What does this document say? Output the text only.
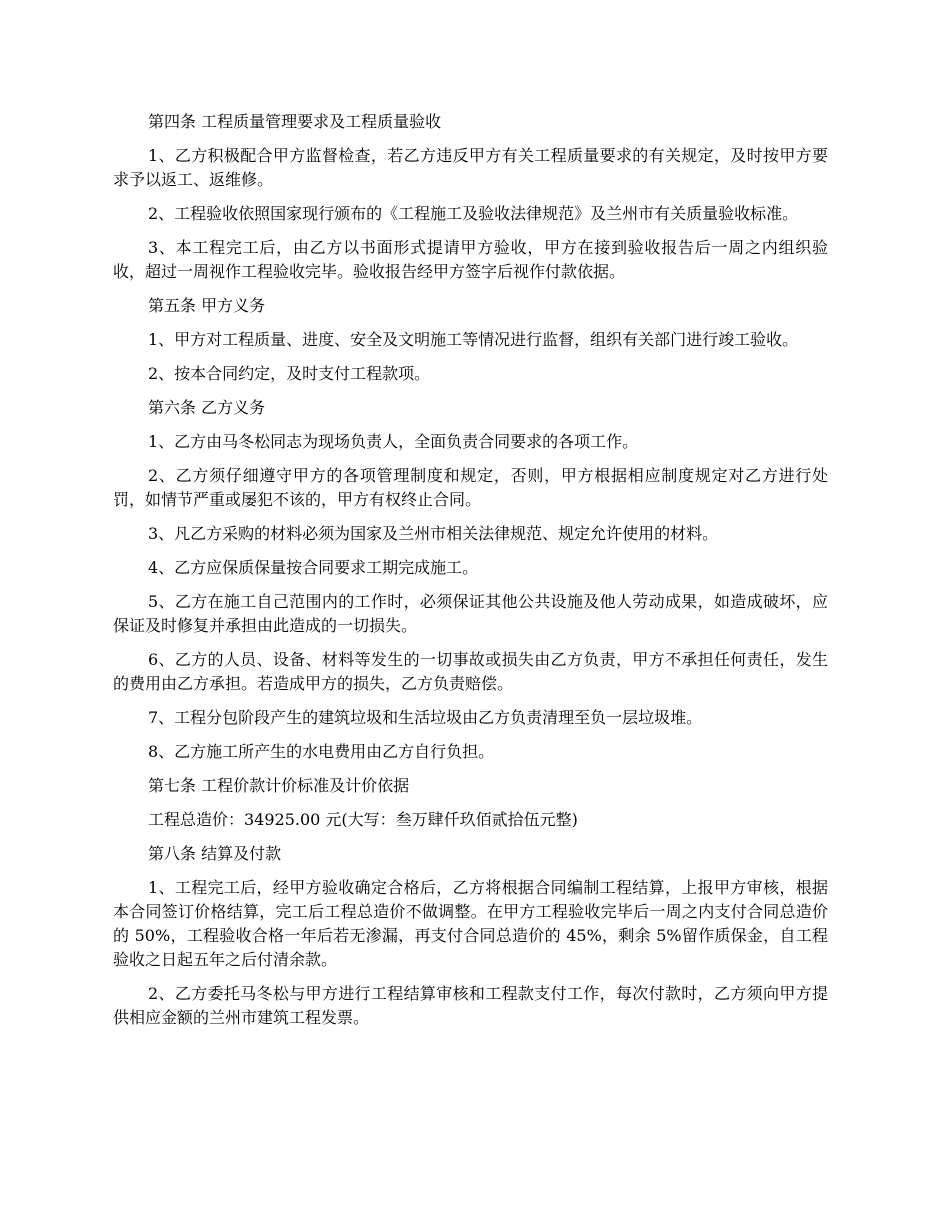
第四条 工程质量管理要求及工程质量验收

1、乙方积极配合甲方监督检查，若乙方违反甲方有关工程质量要求的有关规定，及时按甲方要求予以返工、返维修。

2、工程验收依照国家现行颁布的《工程施工及验收法律规范》及兰州市有关质量验收标准。

3、本工程完工后，由乙方以书面形式提请甲方验收，甲方在接到验收报告后一周之内组织验收，超过一周视作工程验收完毕。验收报告经甲方签字后视作付款依据。

第五条 甲方义务

1、甲方对工程质量、进度、安全及文明施工等情况进行监督，组织有关部门进行竣工验收。

2、按本合同约定，及时支付工程款项。

第六条 乙方义务

1、乙方由马冬松同志为现场负责人，全面负责合同要求的各项工作。

2、乙方须仔细遵守甲方的各项管理制度和规定，否则，甲方根据相应制度规定对乙方进行处罚，如情节严重或屡犯不该的，甲方有权终止合同。

3、凡乙方采购的材料必须为国家及兰州市相关法律规范、规定允许使用的材料。

4、乙方应保质保量按合同要求工期完成施工。

5、乙方在施工自己范围内的工作时，必须保证其他公共设施及他人劳动成果，如造成破坏，应保证及时修复并承担由此造成的一切损失。

6、乙方的人员、设备、材料等发生的一切事故或损失由乙方负责，甲方不承担任何责任，发生的费用由乙方承担。若造成甲方的损失，乙方负责赔偿。

7、工程分包阶段产生的建筑垃圾和生活垃圾由乙方负责清理至负一层垃圾堆。

8、乙方施工所产生的水电费用由乙方自行负担。

第七条 工程价款计价标准及计价依据

工程总造价：34925.00 元(大写：叁万肆仟玖佰贰拾伍元整)

第八条 结算及付款

1、工程完工后，经甲方验收确定合格后，乙方将根据合同编制工程结算，上报甲方审核，根据本合同签订价格结算，完工后工程总造价不做调整。在甲方工程验收完毕后一周之内支付合同总造价的 50%，工程验收合格一年后若无渗漏，再支付合同总造价的 45%，剩余 5%留作质保金，自工程验收之日起五年之后付清余款。

2、乙方委托马冬松与甲方进行工程结算审核和工程款支付工作，每次付款时，乙方须向甲方提供相应金额的兰州市建筑工程发票。
